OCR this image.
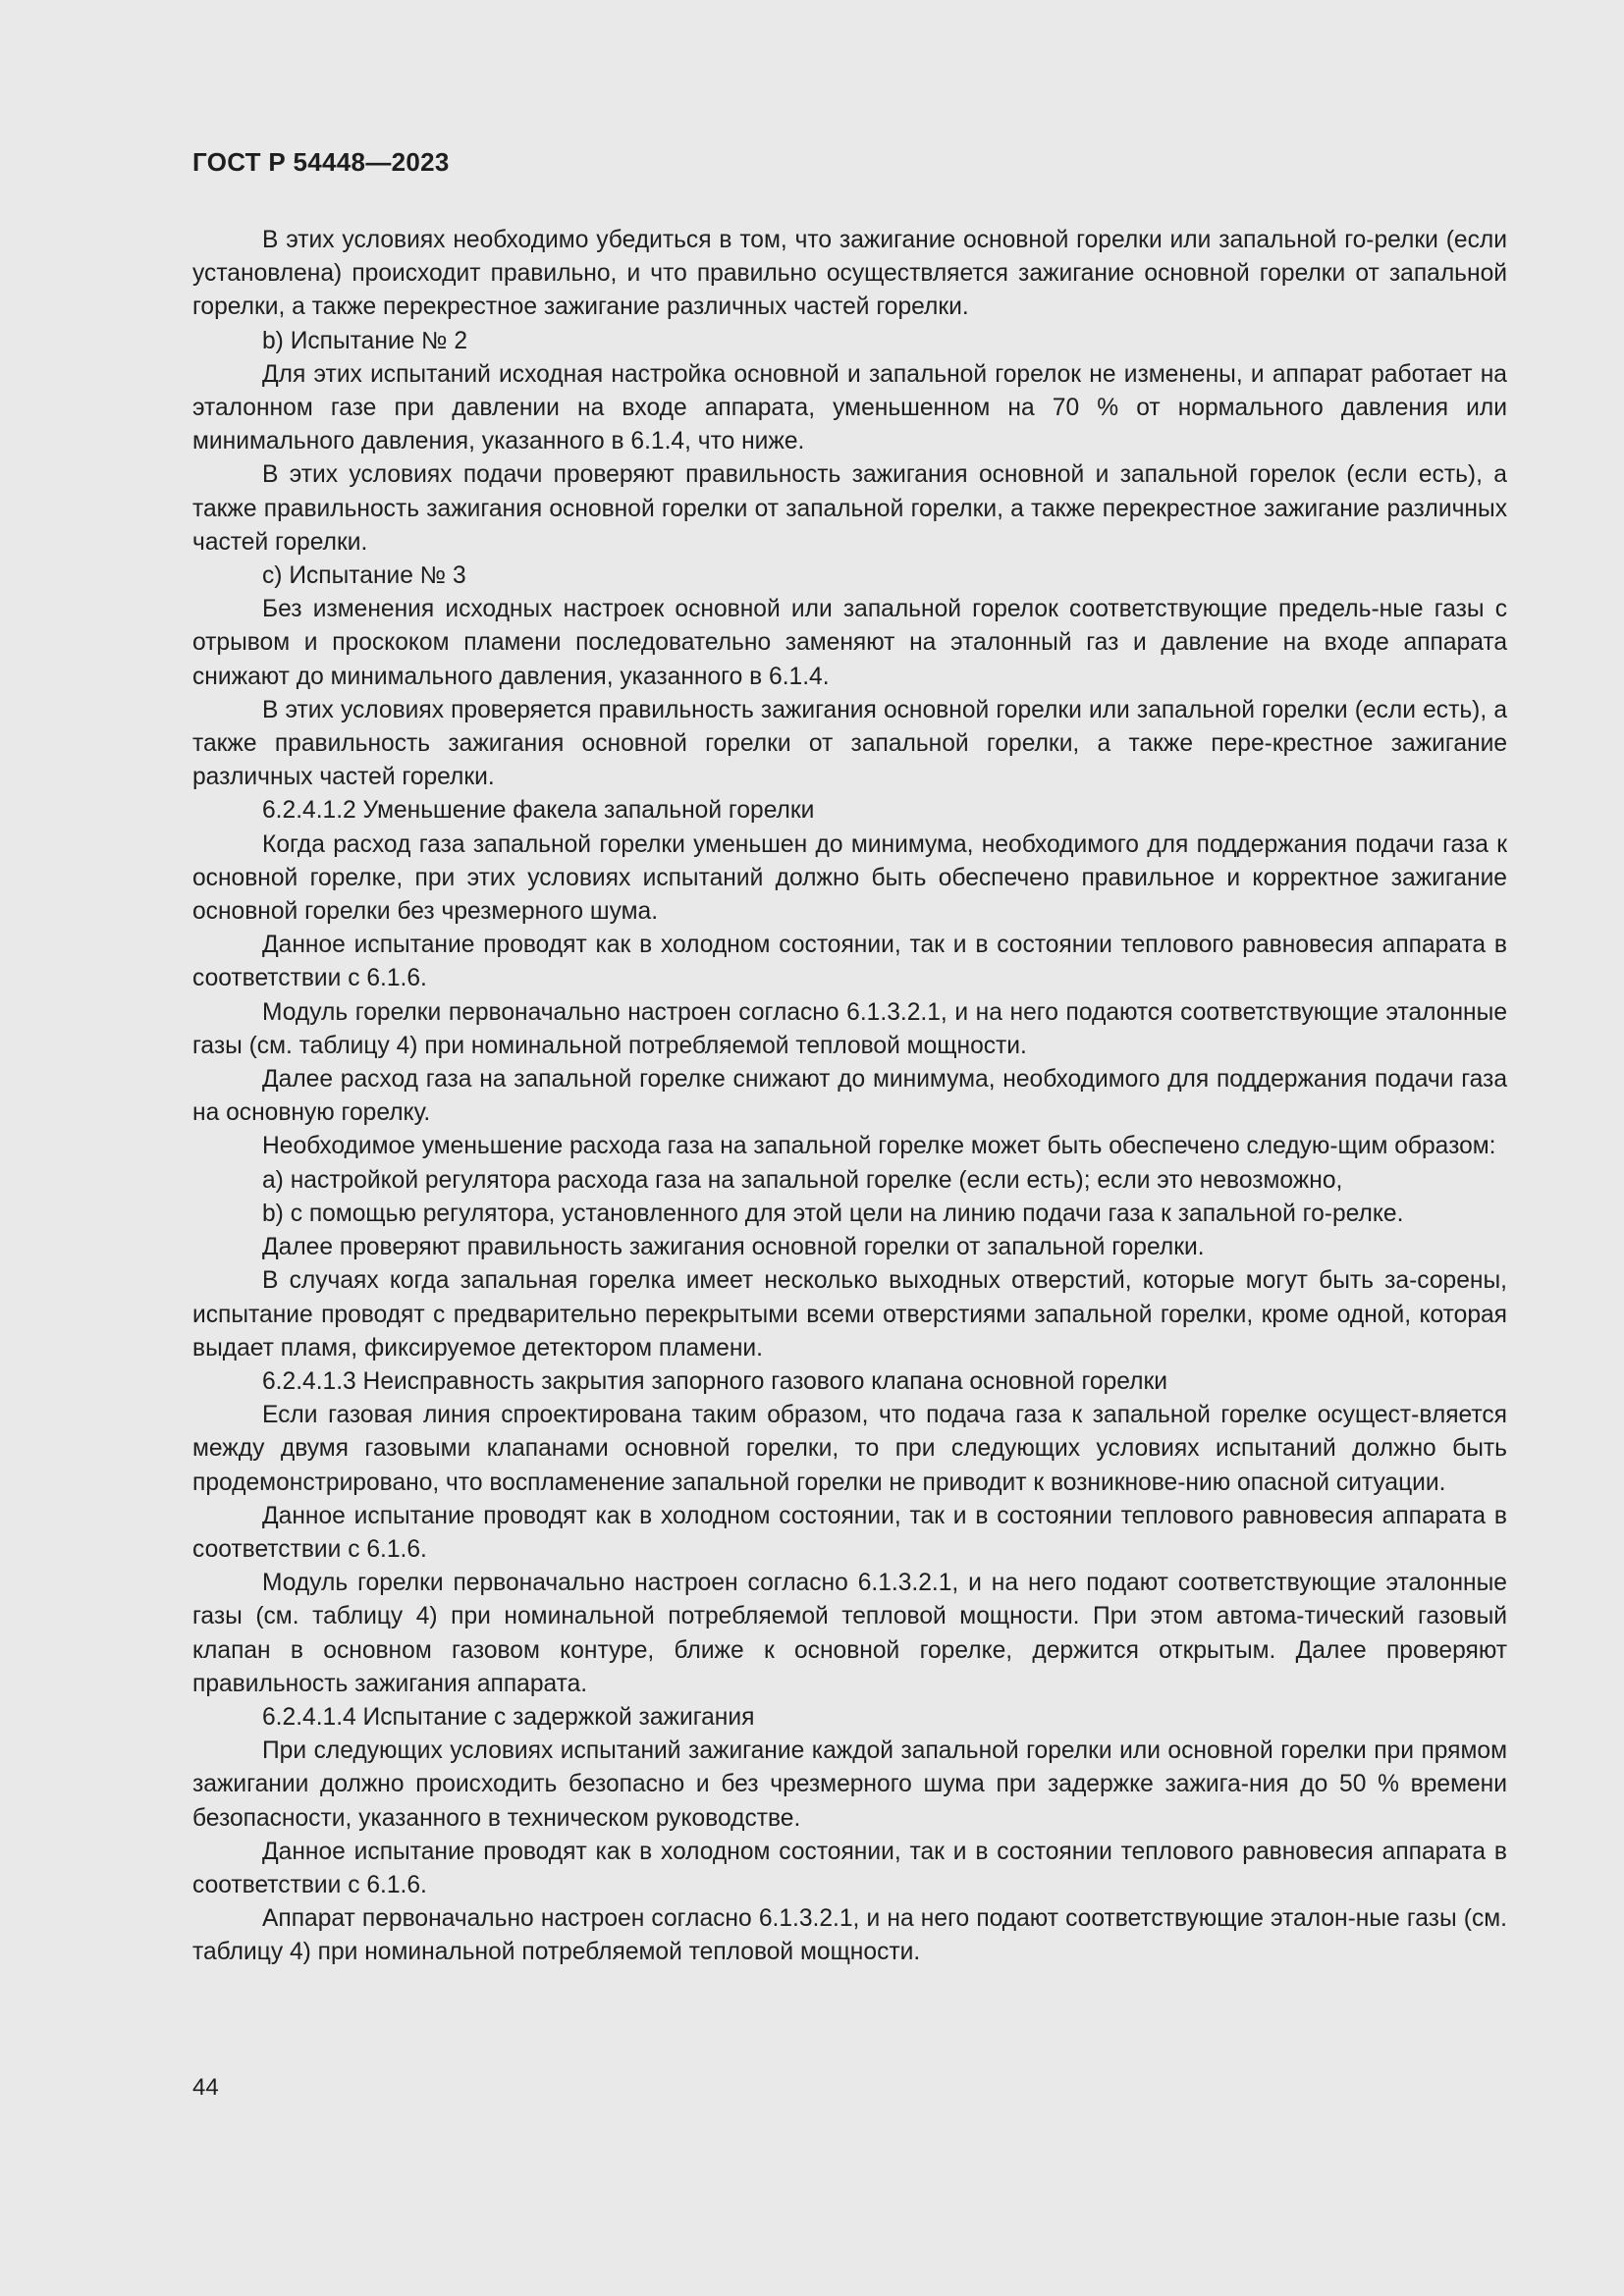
ГОСТ Р 54448—2023

В этих условиях необходимо убедиться в том, что зажигание основной горелки или запальной го-релки (если установлена) происходит правильно, и что правильно осуществляется зажигание основной горелки от запальной горелки, а также перекрестное зажигание различных частей горелки.

b) Испытание № 2

Для этих испытаний исходная настройка основной и запальной горелок не изменены, и аппарат работает на эталонном газе при давлении на входе аппарата, уменьшенном на 70 % от нормального давления или минимального давления, указанного в 6.1.4, что ниже.

В этих условиях подачи проверяют правильность зажигания основной и запальной горелок (если есть), а также правильность зажигания основной горелки от запальной горелки, а также перекрестное зажигание различных частей горелки.

c) Испытание № 3

Без изменения исходных настроек основной или запальной горелок соответствующие предель-ные газы с отрывом и проскоком пламени последовательно заменяют на эталонный газ и давление на входе аппарата снижают до минимального давления, указанного в 6.1.4.

В этих условиях проверяется правильность зажигания основной горелки или запальной горелки (если есть), а также правильность зажигания основной горелки от запальной горелки, а также пере-крестное зажигание различных частей горелки.

6.2.4.1.2 Уменьшение факела запальной горелки

Когда расход газа запальной горелки уменьшен до минимума, необходимого для поддержания подачи газа к основной горелке, при этих условиях испытаний должно быть обеспечено правильное и корректное зажигание основной горелки без чрезмерного шума.

Данное испытание проводят как в холодном состоянии, так и в состоянии теплового равновесия аппарата в соответствии с 6.1.6.

Модуль горелки первоначально настроен согласно 6.1.3.2.1, и на него подаются соответствующие эталонные газы (см. таблицу 4) при номинальной потребляемой тепловой мощности.

Далее расход газа на запальной горелке снижают до минимума, необходимого для поддержания подачи газа на основную горелку.

Необходимое уменьшение расхода газа на запальной горелке может быть обеспечено следую-щим образом:

a) настройкой регулятора расхода газа на запальной горелке (если есть); если это невозможно,

b) с помощью регулятора, установленного для этой цели на линию подачи газа к запальной го-релке.

Далее проверяют правильность зажигания основной горелки от запальной горелки.

В случаях когда запальная горелка имеет несколько выходных отверстий, которые могут быть за-сорены, испытание проводят с предварительно перекрытыми всеми отверстиями запальной горелки, кроме одной, которая выдает пламя, фиксируемое детектором пламени.

6.2.4.1.3 Неисправность закрытия запорного газового клапана основной горелки

Если газовая линия спроектирована таким образом, что подача газа к запальной горелке осущест-вляется между двумя газовыми клапанами основной горелки, то при следующих условиях испытаний должно быть продемонстрировано, что воспламенение запальной горелки не приводит к возникнове-нию опасной ситуации.

Данное испытание проводят как в холодном состоянии, так и в состоянии теплового равновесия аппарата в соответствии с 6.1.6.

Модуль горелки первоначально настроен согласно 6.1.3.2.1, и на него подают соответствующие эталонные газы (см. таблицу 4) при номинальной потребляемой тепловой мощности. При этом автома-тический газовый клапан в основном газовом контуре, ближе к основной горелке, держится открытым. Далее проверяют правильность зажигания аппарата.

6.2.4.1.4 Испытание с задержкой зажигания

При следующих условиях испытаний зажигание каждой запальной горелки или основной горелки при прямом зажигании должно происходить безопасно и без чрезмерного шума при задержке зажига-ния до 50 % времени безопасности, указанного в техническом руководстве.

Данное испытание проводят как в холодном состоянии, так и в состоянии теплового равновесия аппарата в соответствии с 6.1.6.

Аппарат первоначально настроен согласно 6.1.3.2.1, и на него подают соответствующие эталон-ные газы (см. таблицу 4) при номинальной потребляемой тепловой мощности.

44
